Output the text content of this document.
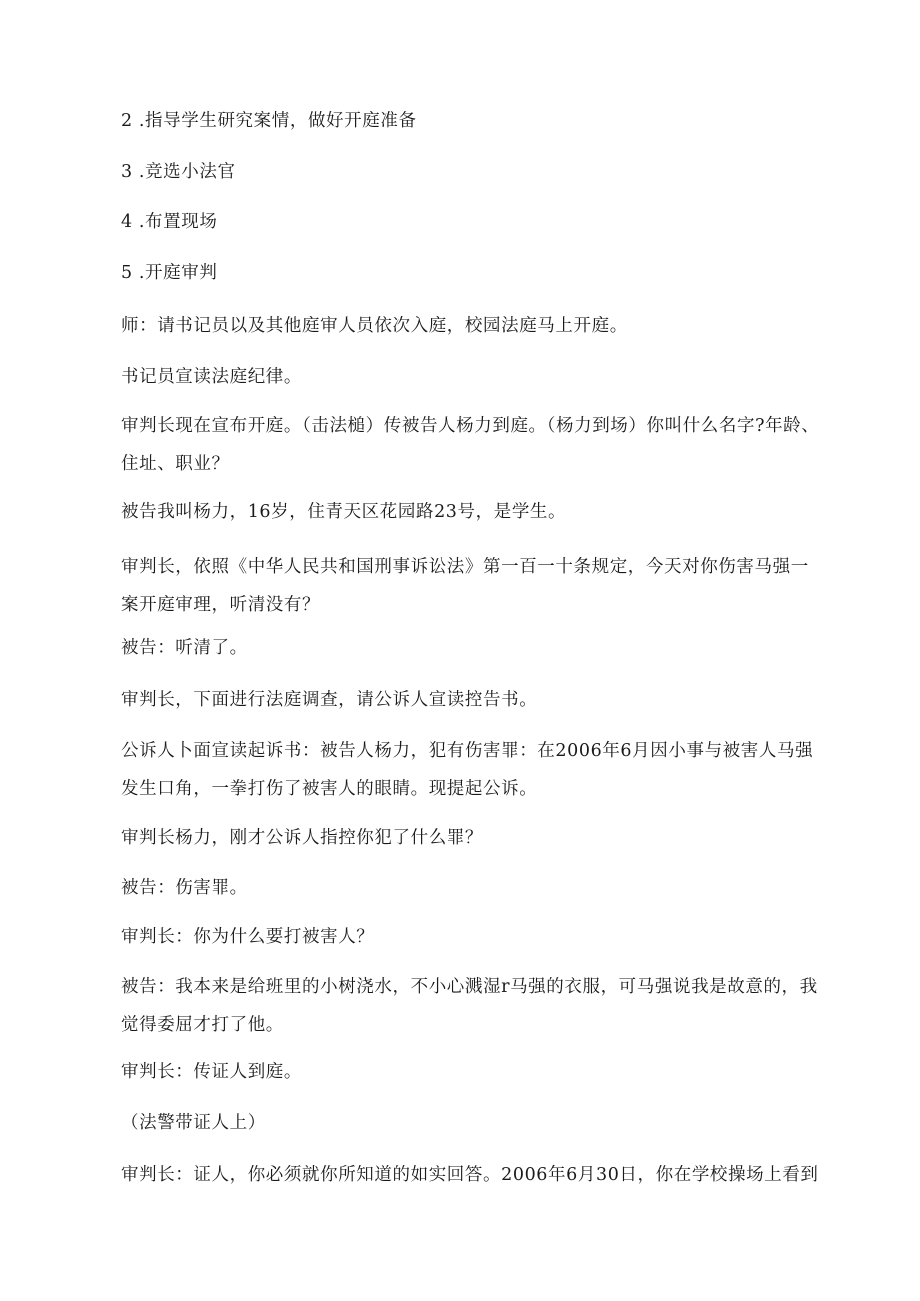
2 .指导学生研究案情，做好开庭准备

3 .竞选小法官

4 .布置现场

5 .开庭审判

师：请书记员以及其他庭审人员依次入庭，校园法庭马上开庭。

书记员宣读法庭纪律。

审判长现在宣布开庭。（击法槌）传被告人杨力到庭。（杨力到场）你叫什么名字?年龄、住址、职业？

被告我叫杨力，16岁，住青天区花园路23号，是学生。

审判长，依照《中华人民共和国刑事诉讼法》第一百一十条规定，今天对你伤害马强一案开庭审理，听清没有？

被告：听清了。

审判长，下面进行法庭调查，请公诉人宣读控告书。

公诉人卜面宣读起诉书：被告人杨力，犯有伤害罪：在2006年6月因小事与被害人马强发生口角，一拳打伤了被害人的眼睛。现提起公诉。

审判长杨力，刚才公诉人指控你犯了什么罪？

被告：伤害罪。

审判长：你为什么要打被害人？

被告：我本来是给班里的小树浇水，不小心溅湿r马强的衣服，可马强说我是故意的，我觉得委屈才打了他。

审判长：传证人到庭。

（法警带证人上）

审判长：证人，你必须就你所知道的如实回答。2006年6月30日，你在学校操场上看到
